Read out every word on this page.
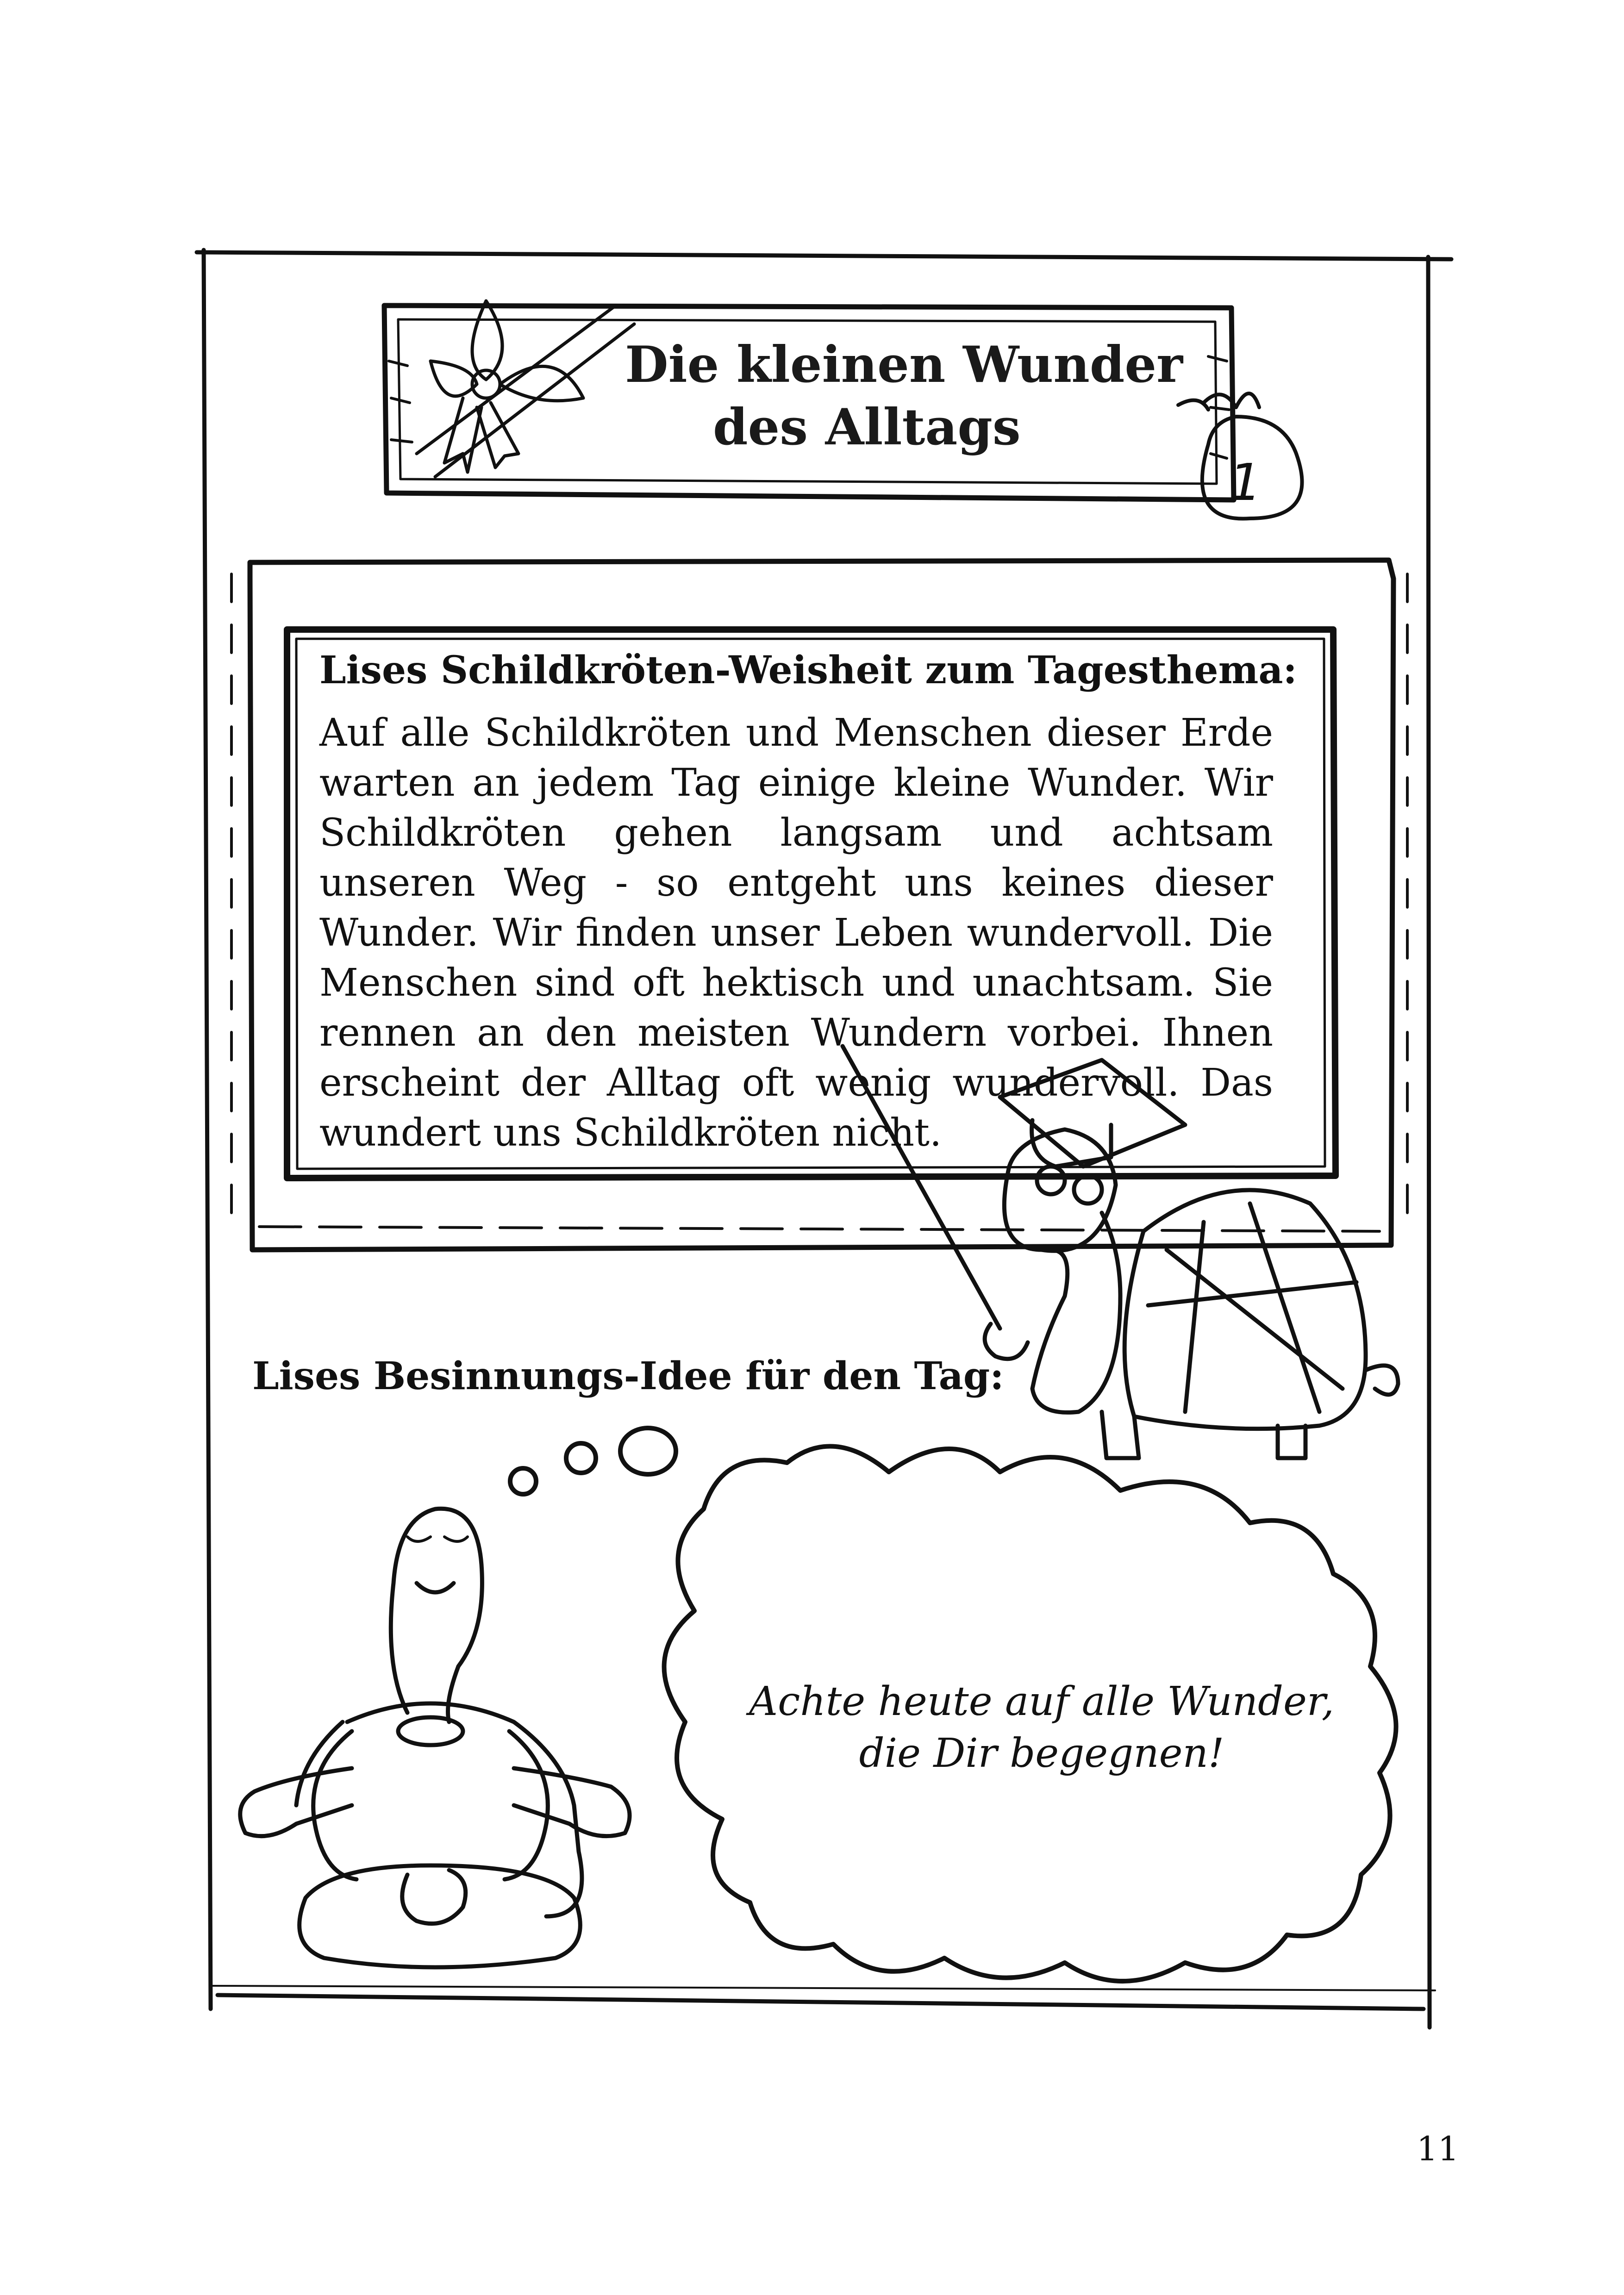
1
Die kleinen Wunder
des Alltags
Lises Schildkröten-Weisheit zum Tagesthema:
Auf alle Schildkröten und Menschen dieser Erde warten an jedem Tag einige kleine Wunder. Wir Schildkröten gehen langsam und achtsam unseren Weg - so entgeht uns keines dieser Wunder. Wir finden unser Leben wundervoll. Die Menschen sind oft hektisch und unachtsam. Sie rennen an den meisten Wundern vorbei. Ihnen erscheint der Alltag oft wenig wundervoll. Das wundert uns Schildkröten nicht.
Lises Besinnungs-Idee für den Tag:
Achte heute auf alle Wunder, die Dir begegnen!
11
